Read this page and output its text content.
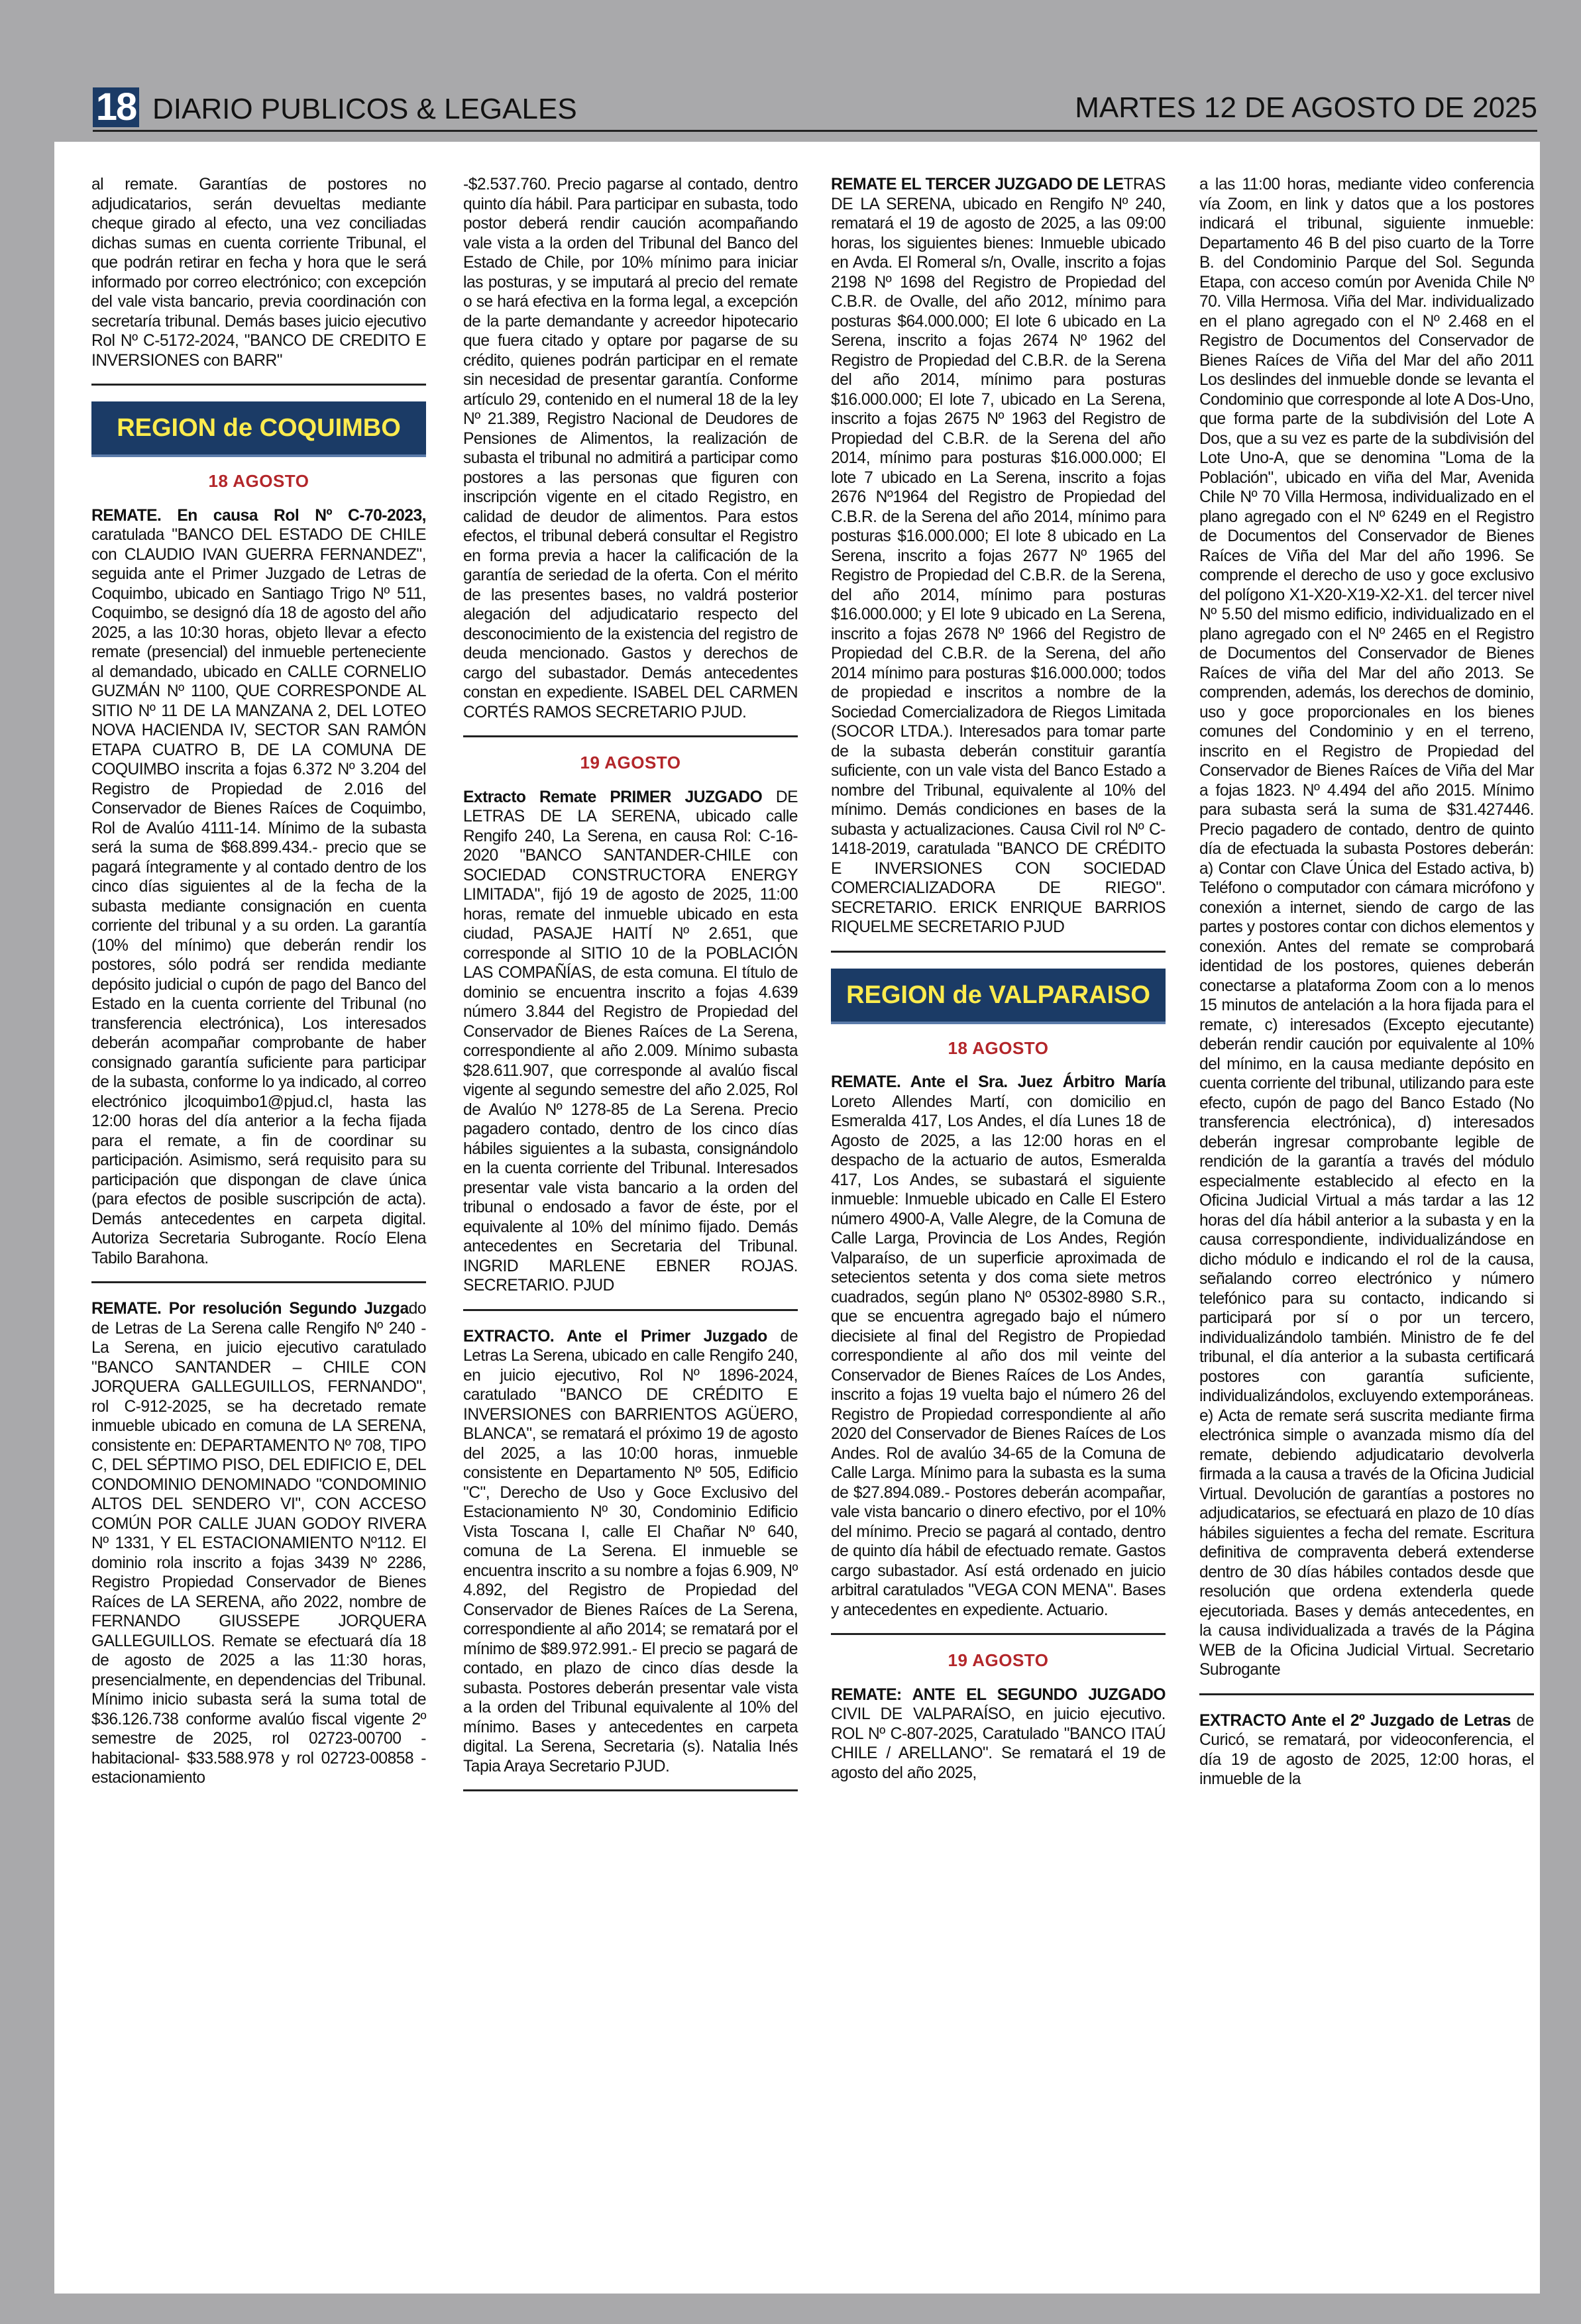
18 DIARIO PUBLICOS & LEGALES	MARTES 12 DE AGOSTO DE 2025

al remate. Garantías de postores no adjudicatarios, serán devueltas mediante cheque girado al efecto, una vez conciliadas dichas sumas en cuenta corriente Tribunal, el que podrán retirar en fecha y hora que le será informado por correo electrónico; con excepción del vale vista bancario, previa coordinación con secretaría tribunal. Demás bases juicio ejecutivo Rol Nº C-5172-2024, "BANCO DE CREDITO E INVERSIONES con BARR"

REGION de COQUIMBO
18 AGOSTO

REMATE. En causa Rol Nº C-70-2023, caratulada "BANCO DEL ESTADO DE CHILE con CLAUDIO IVAN GUERRA FERNANDEZ", seguida ante el Primer Juzgado de Letras de Coquimbo, ubicado en Santiago Trigo Nº 511, Coquimbo, se designó día 18 de agosto del año 2025, a las 10:30 horas, objeto llevar a efecto remate (presencial) del inmueble perteneciente al demandado, ubicado en CALLE CORNELIO GUZMÁN Nº 1100, QUE CORRESPONDE AL SITIO Nº 11 DE LA MANZANA 2, DEL LOTEO NOVA HACIENDA IV, SECTOR SAN RAMÓN ETAPA CUATRO B, DE LA COMUNA DE COQUIMBO inscrita a fojas 6.372 Nº 3.204 del Registro de Propiedad de 2.016 del Conservador de Bienes Raíces de Coquimbo, Rol de Avalúo 4111-14. Mínimo de la subasta será la suma de $68.899.434.- precio que se pagará íntegramente y al contado dentro de los cinco días siguientes al de la fecha de la subasta mediante consignación en cuenta corriente del tribunal y a su orden. La garantía (10% del mínimo) que deberán rendir los postores, sólo podrá ser rendida mediante depósito judicial o cupón de pago del Banco del Estado en la cuenta corriente del Tribunal (no transferencia electrónica), Los interesados deberán acompañar comprobante de haber consignado garantía suficiente para participar de la subasta, conforme lo ya indicado, al correo electrónico jlcoquimbo1@pjud.cl, hasta las 12:00 horas del día anterior a la fecha fijada para el remate, a fin de coordinar su participación. Asimismo, será requisito para su participación que dispongan de clave única (para efectos de posible suscripción de acta). Demás antecedentes en carpeta digital. Autoriza Secretaria Subrogante. Rocío Elena Tabilo Barahona.

REMATE. Por resolución Segundo Juzgado de Letras de La Serena calle Rengifo Nº 240 - La Serena, en juicio ejecutivo caratulado "BANCO SANTANDER – CHILE CON JORQUERA GALLEGUILLOS, FERNANDO", rol C-912-2025, se ha decretado remate inmueble ubicado en comuna de LA SERENA, consistente en: DEPARTAMENTO Nº 708, TIPO C, DEL SÉPTIMO PISO, DEL EDIFICIO E, DEL CONDOMINIO DENOMINADO "CONDOMINIO ALTOS DEL SENDERO VI", CON ACCESO COMÚN POR CALLE JUAN GODOY RIVERA Nº 1331, Y EL ESTACIONAMIENTO Nº112. El dominio rola inscrito a fojas 3439 Nº 2286, Registro Propiedad Conservador de Bienes Raíces de LA SERENA, año 2022, nombre de FERNANDO GIUSSEPE JORQUERA GALLEGUILLOS. Remate se efectuará día 18 de agosto de 2025 a las 11:30 horas, presencialmente, en dependencias del Tribunal. Mínimo inicio subasta será la suma total de $36.126.738 conforme avalúo fiscal vigente 2º semestre de 2025, rol 02723-00700 -habitacional- $33.588.978 y rol 02723-00858 -estacionamiento

-$2.537.760. Precio pagarse al contado, dentro quinto día hábil. Para participar en subasta, todo postor deberá rendir caución acompañando vale vista a la orden del Tribunal del Banco del Estado de Chile, por 10% mínimo para iniciar las posturas, y se imputará al precio del remate o se hará efectiva en la forma legal, a excepción de la parte demandante y acreedor hipotecario que fuera citado y optare por pagarse de su crédito, quienes podrán participar en el remate sin necesidad de presentar garantía. Conforme artículo 29, contenido en el numeral 18 de la ley Nº 21.389, Registro Nacional de Deudores de Pensiones de Alimentos, la realización de subasta el tribunal no admitirá a participar como postores a las personas que figuren con inscripción vigente en el citado Registro, en calidad de deudor de alimentos. Para estos efectos, el tribunal deberá consultar el Registro en forma previa a hacer la calificación de la garantía de seriedad de la oferta. Con el mérito de las presentes bases, no valdrá posterior alegación del adjudicatario respecto del desconocimiento de la existencia del registro de deuda mencionado. Gastos y derechos de cargo del subastador. Demás antecedentes constan en expediente. ISABEL DEL CARMEN CORTÉS RAMOS SECRETARIO PJUD.

19 AGOSTO

Extracto Remate PRIMER JUZGADO DE LETRAS DE LA SERENA, ubicado calle Rengifo 240, La Serena, en causa Rol: C-16-2020 "BANCO SANTANDER-CHILE con SOCIEDAD CONSTRUCTORA ENERGY LIMITADA", fijó 19 de agosto de 2025, 11:00 horas, remate del inmueble ubicado en esta ciudad, PASAJE HAITÍ Nº 2.651, que corresponde al SITIO 10 de la POBLACIÓN LAS COMPAÑÍAS, de esta comuna. El título de dominio se encuentra inscrito a fojas 4.639 número 3.844 del Registro de Propiedad del Conservador de Bienes Raíces de La Serena, correspondiente al año 2.009. Mínimo subasta $28.611.907, que corresponde al avalúo fiscal vigente al segundo semestre del año 2.025, Rol de Avalúo Nº 1278-85 de La Serena. Precio pagadero contado, dentro de los cinco días hábiles siguientes a la subasta, consignándolo en la cuenta corriente del Tribunal. Interesados presentar vale vista bancario a la orden del tribunal o endosado a favor de éste, por el equivalente al 10% del mínimo fijado. Demás antecedentes en Secretaria del Tribunal. INGRID MARLENE EBNER ROJAS. SECRETARIO. PJUD

EXTRACTO. Ante el Primer Juzgado de Letras La Serena, ubicado en calle Rengifo 240, en juicio ejecutivo, Rol Nº 1896-2024, caratulado "BANCO DE CRÉDITO E INVERSIONES con BARRIENTOS AGÜERO, BLANCA", se rematará el próximo 19 de agosto del 2025, a las 10:00 horas, inmueble consistente en Departamento Nº 505, Edificio "C", Derecho de Uso y Goce Exclusivo del Estacionamiento Nº 30, Condominio Edificio Vista Toscana I, calle El Chañar Nº 640, comuna de La Serena. El inmueble se encuentra inscrito a su nombre a fojas 6.909, Nº 4.892, del Registro de Propiedad del Conservador de Bienes Raíces de La Serena, correspondiente al año 2014; se rematará por el mínimo de $89.972.991.- El precio se pagará de contado, en plazo de cinco días desde la subasta. Postores deberán presentar vale vista a la orden del Tribunal equivalente al 10% del mínimo. Bases y antecedentes en carpeta digital. La Serena, Secretaria (s). Natalia Inés Tapia Araya Secretario PJUD.

REMATE EL TERCER JUZGADO DE LETRAS DE LA SERENA, ubicado en Rengifo Nº 240, rematará el 19 de agosto de 2025, a las 09:00 horas, los siguientes bienes: Inmueble ubicado en Avda. El Romeral s/n, Ovalle, inscrito a fojas 2198 Nº 1698 del Registro de Propiedad del C.B.R. de Ovalle, del año 2012, mínimo para posturas $64.000.000; El lote 6 ubicado en La Serena, inscrito a fojas 2674 Nº 1962 del Registro de Propiedad del C.B.R. de la Serena del año 2014, mínimo para posturas $16.000.000; El lote 7, ubicado en La Serena, inscrito a fojas 2675 Nº 1963 del Registro de Propiedad del C.B.R. de la Serena del año 2014, mínimo para posturas $16.000.000; El lote 7 ubicado en La Serena, inscrito a fojas 2676 Nº1964 del Registro de Propiedad del C.B.R. de la Serena del año 2014, mínimo para posturas $16.000.000; El lote 8 ubicado en La Serena, inscrito a fojas 2677 Nº 1965 del Registro de Propiedad del C.B.R. de la Serena, del año 2014, mínimo para posturas $16.000.000; y El lote 9 ubicado en La Serena, inscrito a fojas 2678 Nº 1966 del Registro de Propiedad del C.B.R. de la Serena, del año 2014 mínimo para posturas $16.000.000; todos de propiedad e inscritos a nombre de la Sociedad Comercializadora de Riegos Limitada (SOCOR LTDA.). Interesados para tomar parte de la subasta deberán constituir garantía suficiente, con un vale vista del Banco Estado a nombre del Tribunal, equivalente al 10% del mínimo. Demás condiciones en bases de la subasta y actualizaciones. Causa Civil rol Nº C-1418-2019, caratulada "BANCO DE CRÉDITO E INVERSIONES CON SOCIEDAD COMERCIALIZADORA DE RIEGO". SECRETARIO. ERICK ENRIQUE BARRIOS RIQUELME SECRETARIO PJUD

REGION de VALPARAISO
18 AGOSTO

REMATE. Ante el Sra. Juez Árbitro María Loreto Allendes Martí, con domicilio en Esmeralda 417, Los Andes, el día Lunes 18 de Agosto de 2025, a las 12:00 horas en el despacho de la actuario de autos, Esmeralda 417, Los Andes, se subastará el siguiente inmueble: Inmueble ubicado en Calle El Estero número 4900-A, Valle Alegre, de la Comuna de Calle Larga, Provincia de Los Andes, Región Valparaíso, de un superficie aproximada de setecientos setenta y dos coma siete metros cuadrados, según plano Nº 05302-8980 S.R., que se encuentra agregado bajo el número diecisiete al final del Registro de Propiedad correspondiente al año dos mil veinte del Conservador de Bienes Raíces de Los Andes, inscrito a fojas 19 vuelta bajo el número 26 del Registro de Propiedad correspondiente al año 2020 del Conservador de Bienes Raíces de Los Andes. Rol de avalúo 34-65 de la Comuna de Calle Larga. Mínimo para la subasta es la suma de $27.894.089.- Postores deberán acompañar, vale vista bancario o dinero efectivo, por el 10% del mínimo. Precio se pagará al contado, dentro de quinto día hábil de efectuado remate. Gastos cargo subastador. Así está ordenado en juicio arbitral caratulados "VEGA CON MENA". Bases y antecedentes en expediente. Actuario.

19 AGOSTO

REMATE: ANTE EL SEGUNDO JUZGADO CIVIL DE VALPARAÍSO, en juicio ejecutivo. ROL Nº C-807-2025, Caratulado "BANCO ITAÚ CHILE / ARELLANO". Se rematará el 19 de agosto del año 2025,

a las 11:00 horas, mediante video conferencia vía Zoom, en link y datos que a los postores indicará el tribunal, siguiente inmueble: Departamento 46 B del piso cuarto de la Torre B. del Condominio Parque del Sol. Segunda Etapa, con acceso común por Avenida Chile Nº 70. Villa Hermosa. Viña del Mar. individualizado en el plano agregado con el Nº 2.468 en el Registro de Documentos del Conservador de Bienes Raíces de Viña del Mar del año 2011 Los deslindes del inmueble donde se levanta el Condominio que corresponde al lote A Dos-Uno, que forma parte de la subdivisión del Lote A Dos, que a su vez es parte de la subdivisión del Lote Uno-A, que se denomina "Loma de la Población", ubicado en viña del Mar, Avenida Chile Nº 70 Villa Hermosa, individualizado en el plano agregado con el Nº 6249 en el Registro de Documentos del Conservador de Bienes Raíces de Viña del Mar del año 1996. Se comprende el derecho de uso y goce exclusivo del polígono X1-X20-X19-X2-X1. del tercer nivel Nº 5.50 del mismo edificio, individualizado en el plano agregado con el Nº 2465 en el Registro de Documentos del Conservador de Bienes Raíces de viña del Mar del año 2013. Se comprenden, además, los derechos de dominio, uso y goce proporcionales en los bienes comunes del Condominio y en el terreno, inscrito en el Registro de Propiedad del Conservador de Bienes Raíces de Viña del Mar a fojas 1823. Nº 4.494 del año 2015. Mínimo para subasta será la suma de $31.427446. Precio pagadero de contado, dentro de quinto día de efectuada la subasta Postores deberán: a) Contar con Clave Única del Estado activa, b) Teléfono o computador con cámara micrófono y conexión a internet, siendo de cargo de las partes y postores contar con dichos elementos y conexión. Antes del remate se comprobará identidad de los postores, quienes deberán conectarse a plataforma Zoom con a lo menos 15 minutos de antelación a la hora fijada para el remate, c) interesados (Excepto ejecutante) deberán rendir caución por equivalente al 10% del mínimo, en la causa mediante depósito en cuenta corriente del tribunal, utilizando para este efecto, cupón de pago del Banco Estado (No transferencia electrónica), d) interesados deberán ingresar comprobante legible de rendición de la garantía a través del módulo especialmente establecido al efecto en la Oficina Judicial Virtual a más tardar a las 12 horas del día hábil anterior a la subasta y en la causa correspondiente, individualizándose en dicho módulo e indicando el rol de la causa, señalando correo electrónico y número telefónico para su contacto, indicando si participará por sí o por un tercero, individualizándolo también. Ministro de fe del tribunal, el día anterior a la subasta certificará postores con garantía suficiente, individualizándolos, excluyendo extemporáneas. e) Acta de remate será suscrita mediante firma electrónica simple o avanzada mismo día del remate, debiendo adjudicatario devolverla firmada a la causa a través de la Oficina Judicial Virtual. Devolución de garantías a postores no adjudicatarios, se efectuará en plazo de 10 días hábiles siguientes a fecha del remate. Escritura definitiva de compraventa deberá extenderse dentro de 30 días hábiles contados desde que resolución que ordena extenderla quede ejecutoriada. Bases y demás antecedentes, en la causa individualizada a través de la Página WEB de la Oficina Judicial Virtual. Secretario Subrogante

EXTRACTO Ante el 2º Juzgado de Letras de Curicó, se rematará, por videoconferencia, el día 19 de agosto de 2025, 12:00 horas, el inmueble de la
